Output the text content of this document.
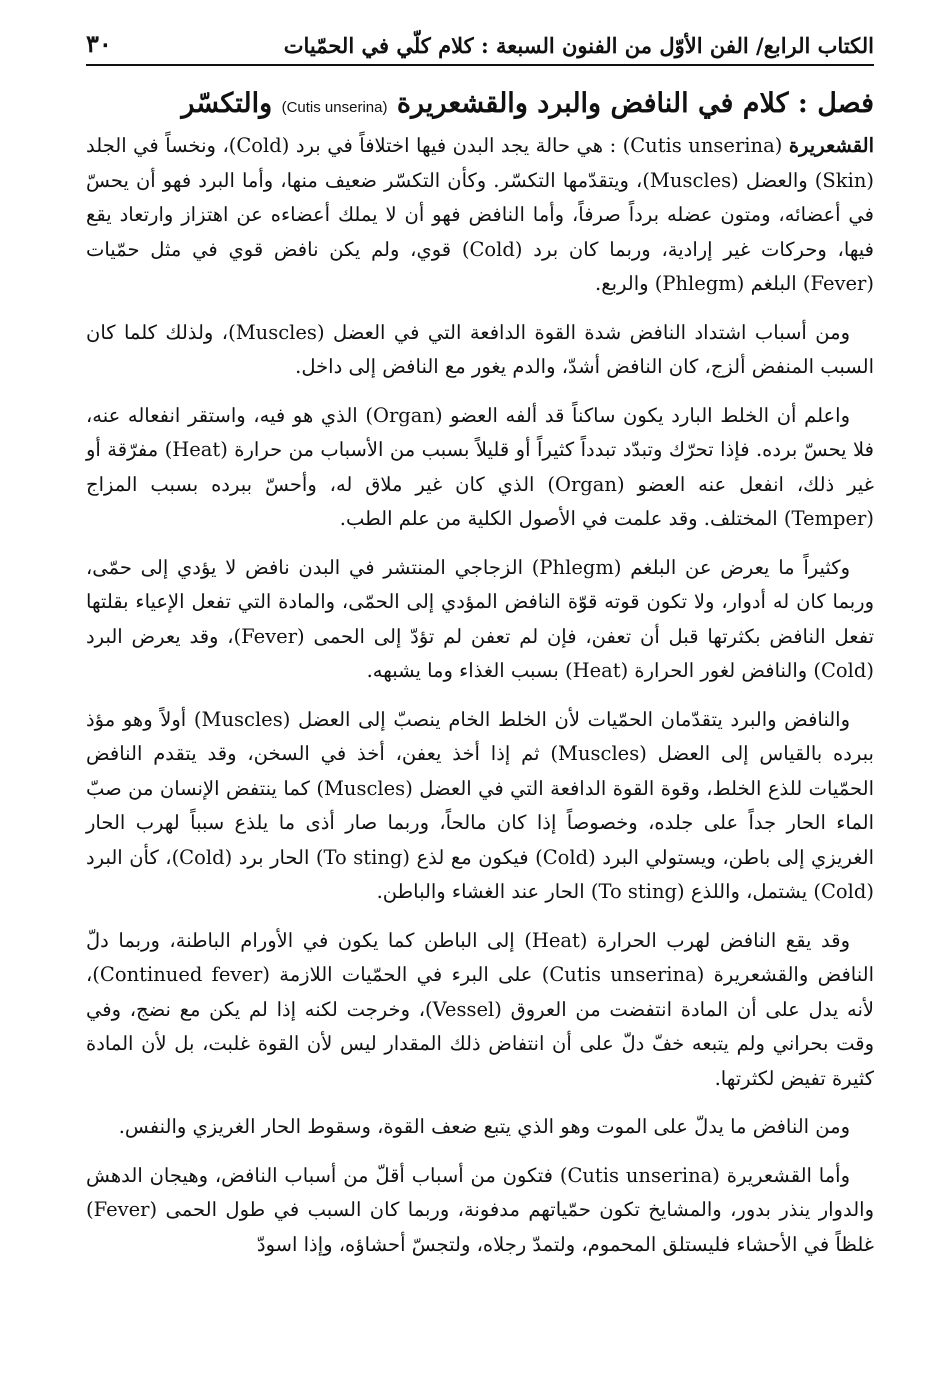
الكتاب الرابع/ الفن الأوّل من الفنون السبعة : كلام كلّي في الحمّيات
٣٠
فصل : كلام في النافض والبرد والقشعريرة (Cutis unserina) والتكسّر

القشعريرة (Cutis unserina) : هي حالة يجد البدن فيها اختلافاً في برد (Cold)، ونخساً في الجلد (Skin) والعضل (Muscles)، ويتقدّمها التكسّر. وكأن التكسّر ضعيف منها، وأما البرد فهو أن يحسّ في أعضائه، ومتون عضله برداً صرفاً، وأما النافض فهو أن لا يملك أعضاءه عن اهتزاز وارتعاد يقع فيها، وحركات غير إرادية، وربما كان برد (Cold) قوي، ولم يكن نافض قوي في مثل حمّيات (Fever) البلغم (Phlegm) والربع.

ومن أسباب اشتداد النافض شدة القوة الدافعة التي في العضل (Muscles)، ولذلك كلما كان السبب المنفض ألزج، كان النافض أشدّ، والدم يغور مع النافض إلى داخل.

واعلم أن الخلط البارد يكون ساكناً قد ألفه العضو (Organ) الذي هو فيه، واستقر انفعاله عنه، فلا يحسّ برده. فإذا تحرّك وتبدّد تبدداً كثيراً أو قليلاً بسبب من الأسباب من حرارة (Heat) مفرّقة أو غير ذلك، انفعل عنه العضو (Organ) الذي كان غير ملاق له، وأحسّ ببرده بسبب المزاج (Temper) المختلف. وقد علمت في الأصول الكلية من علم الطب.

وكثيراً ما يعرض عن البلغم (Phlegm) الزجاجي المنتشر في البدن نافض لا يؤدي إلى حمّى، وربما كان له أدوار، ولا تكون قوته قوّة النافض المؤدي إلى الحمّى، والمادة التي تفعل الإعياء بقلتها تفعل النافض بكثرتها قبل أن تعفن، فإن لم تعفن لم تؤدّ إلى الحمى (Fever)، وقد يعرض البرد (Cold) والنافض لغور الحرارة (Heat) بسبب الغذاء وما يشبهه.

والنافض والبرد يتقدّمان الحمّيات لأن الخلط الخام ينصبّ إلى العضل (Muscles) أولاً وهو مؤذ ببرده بالقياس إلى العضل (Muscles) ثم إذا أخذ يعفن، أخذ في السخن، وقد يتقدم النافض الحمّيات للذع الخلط، وقوة القوة الدافعة التي في العضل (Muscles) كما ينتفض الإنسان من صبّ الماء الحار جداً على جلده، وخصوصاً إذا كان مالحاً، وربما صار أذى ما يلذع سبباً لهرب الحار الغريزي إلى باطن، ويستولي البرد (Cold) فيكون مع لذع (To sting) الحار برد (Cold)، كأن البرد (Cold) يشتمل، واللذع (To sting) الحار عند الغشاء والباطن.

وقد يقع النافض لهرب الحرارة (Heat) إلى الباطن كما يكون في الأورام الباطنة، وربما دلّ النافض والقشعريرة (Cutis unserina) على البرء في الحمّيات اللازمة (Continued fever)، لأنه يدل على أن المادة انتفضت من العروق (Vessel)، وخرجت لكنه إذا لم يكن مع نضج، وفي وقت بحراني ولم يتبعه خفّ دلّ على أن انتفاض ذلك المقدار ليس لأن القوة غلبت، بل لأن المادة كثيرة تفيض لكثرتها.

ومن النافض ما يدلّ على الموت وهو الذي يتبع ضعف القوة، وسقوط الحار الغريزي والنفس.

وأما القشعريرة (Cutis unserina) فتكون من أسباب أقلّ من أسباب النافض، وهيجان الدهش والدوار ينذر بدور، والمشايخ تكون حمّياتهم مدفونة، وربما كان السبب في طول الحمى (Fever) غلظاً في الأحشاء فليستلق المحموم، ولتمدّ رجلاه، ولتجسّ أحشاؤه، وإذا اسودّ
